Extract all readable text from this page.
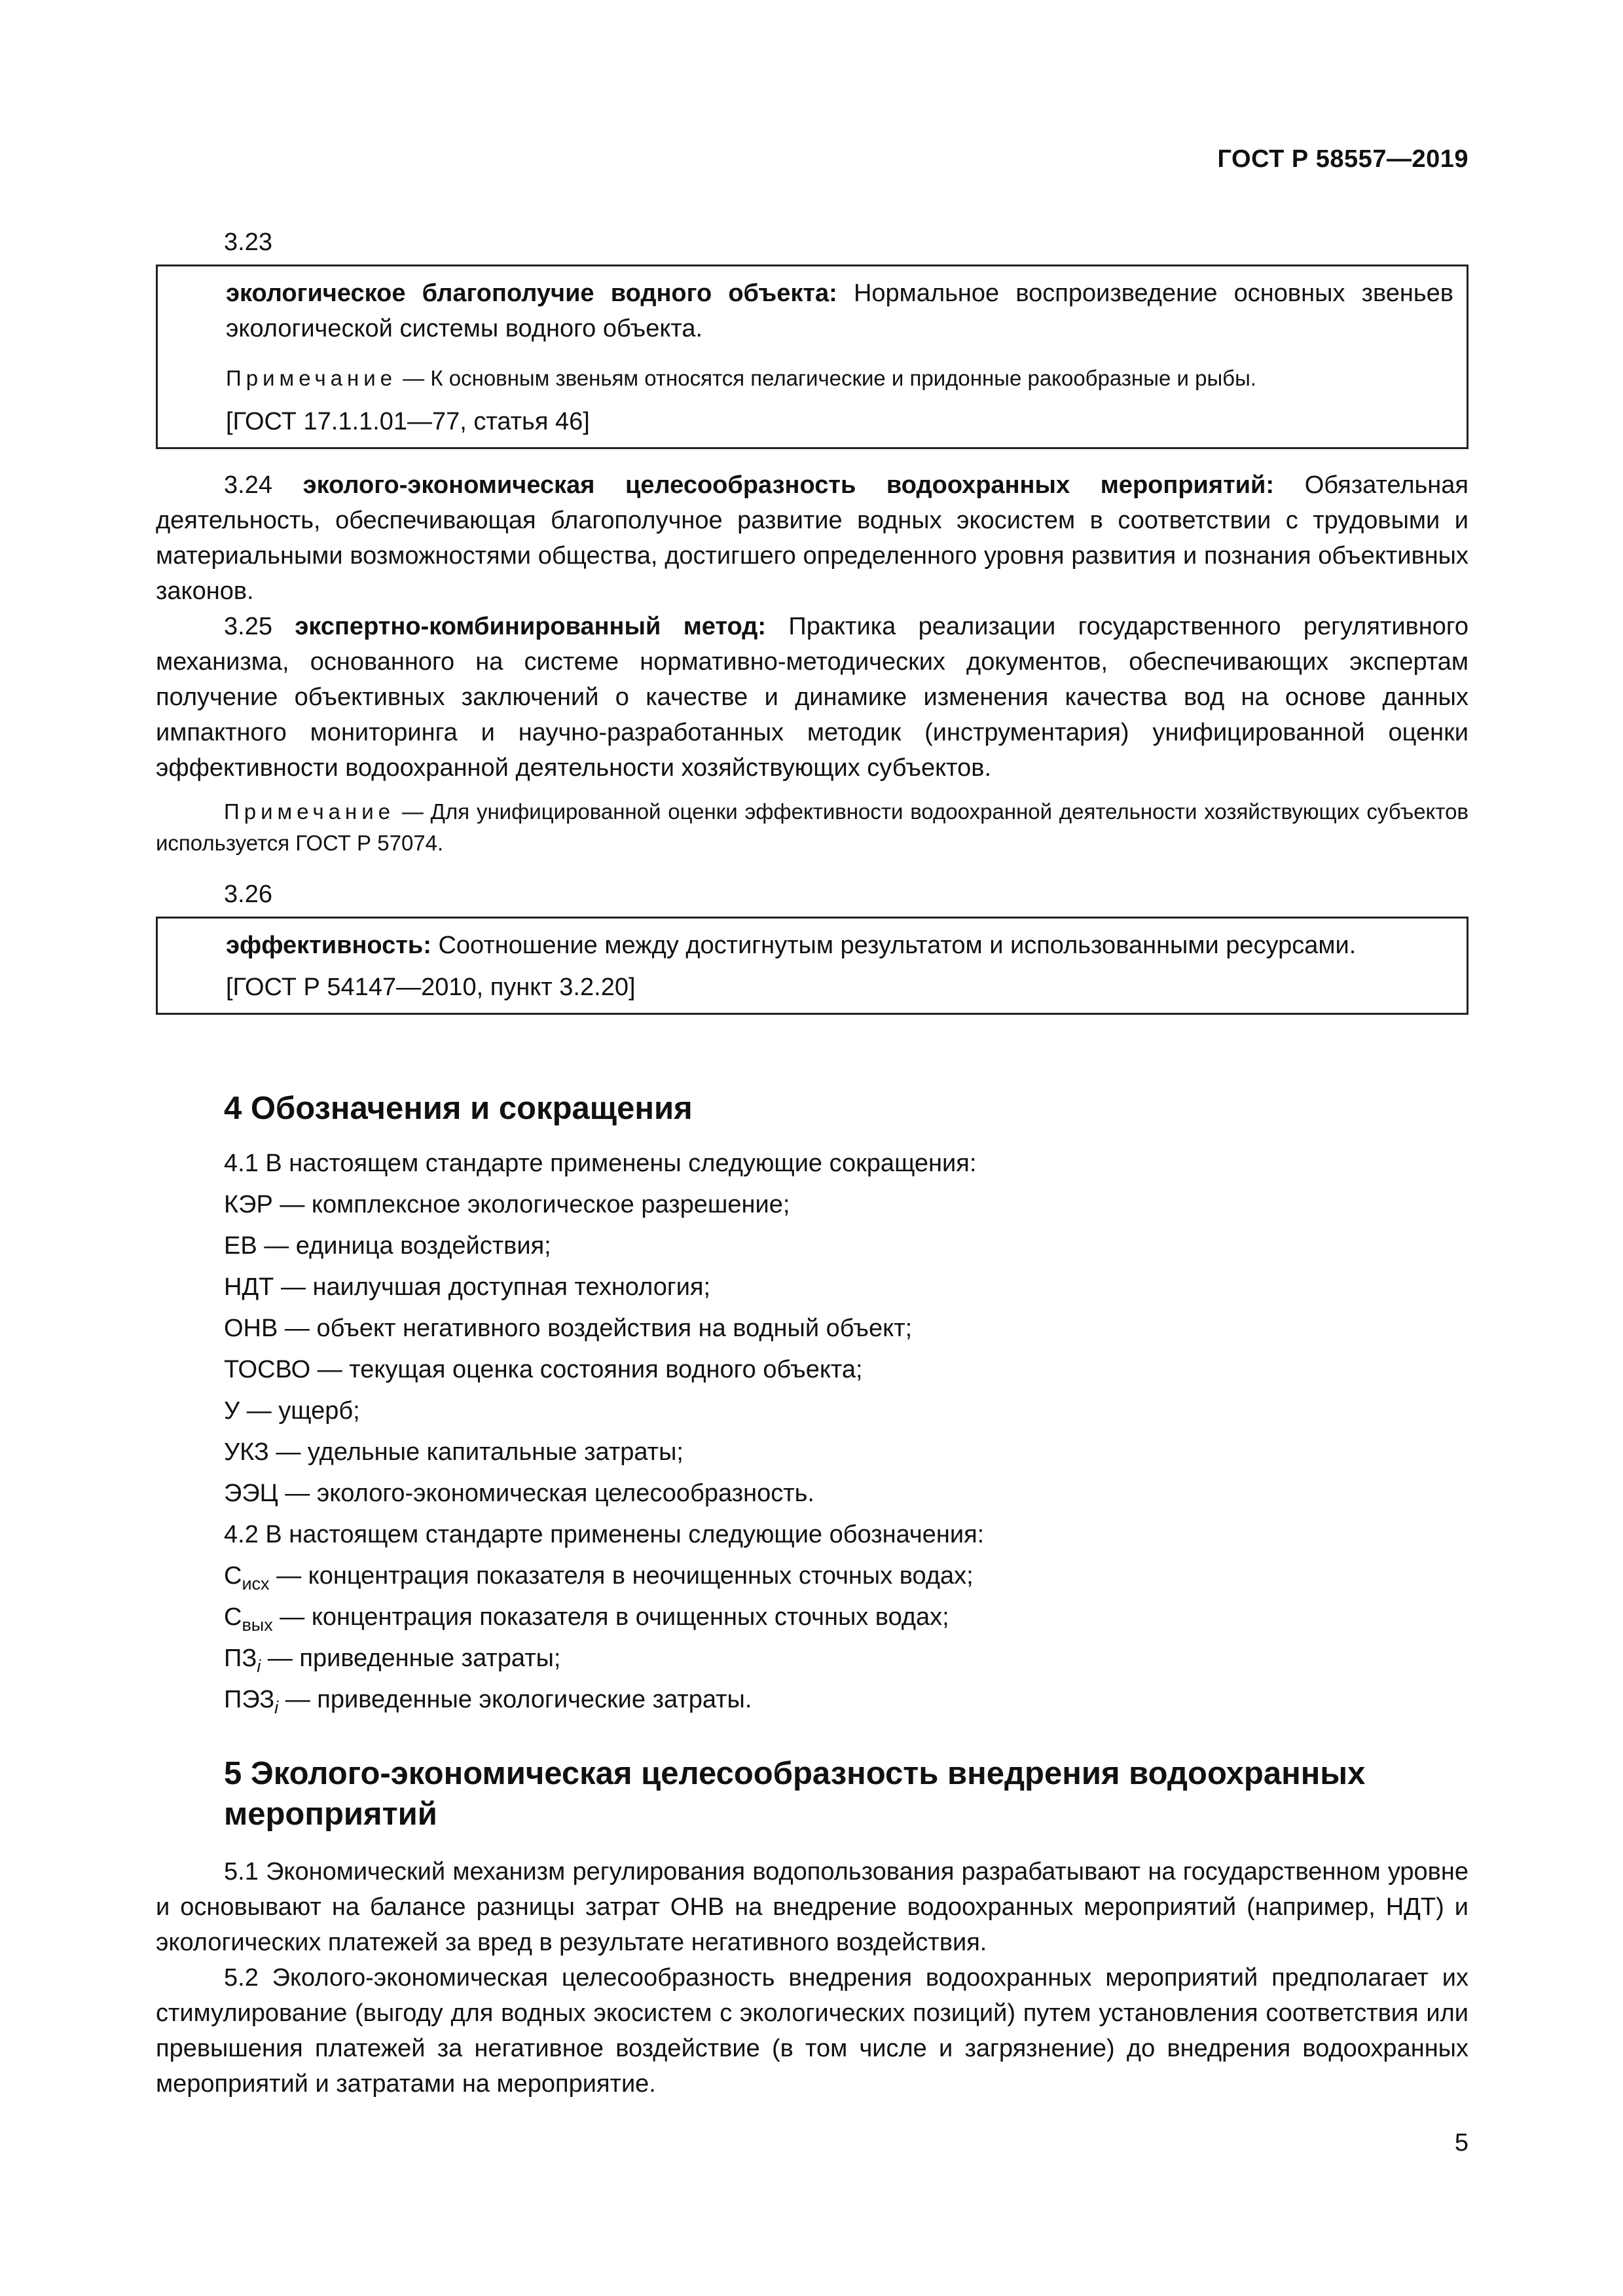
ГОСТ Р 58557—2019
3.23

экологическое благополучие водного объекта: Нормальное воспроизведение основных звеньев экологической системы водного объекта.

Примечание — К основным звеньям относятся пелагические и придонные ракообразные и рыбы.

[ГОСТ 17.1.1.01—77, статья 46]

3.24 эколого-экономическая целесообразность водоохранных мероприятий: Обязательная деятельность, обеспечивающая благополучное развитие водных экосистем в соответствии с трудовыми и материальными возможностями общества, достигшего определенного уровня развития и познания объективных законов.

3.25 экспертно-комбинированный метод: Практика реализации государственного регулятивного механизма, основанного на системе нормативно-методических документов, обеспечивающих экспертам получение объективных заключений о качестве и динамике изменения качества вод на основе данных импактного мониторинга и научно-разработанных методик (инструментария) унифицированной оценки эффективности водоохранной деятельности хозяйствующих субъектов.

Примечание — Для унифицированной оценки эффективности водоохранной деятельности хозяйствующих субъектов используется ГОСТ Р 57074.

3.26

эффективность: Соотношение между достигнутым результатом и использованными ресурсами.

[ГОСТ Р 54147—2010, пункт 3.2.20]

4 Обозначения и сокращения

4.1 В настоящем стандарте применены следующие сокращения:

КЭР — комплексное экологическое разрешение;

ЕВ — единица воздействия;

НДТ — наилучшая доступная технология;

ОНВ — объект негативного воздействия на водный объект;

ТОСВО — текущая оценка состояния водного объекта;

У — ущерб;

УКЗ — удельные капитальные затраты;

ЭЭЦ — эколого-экономическая целесообразность.

4.2 В настоящем стандарте применены следующие обозначения:

$С_{исх}$ — концентрация показателя в неочищенных сточных водах;

$С_{вых}$ — концентрация показателя в очищенных сточных водах;

$ПЗ_i$ — приведенные затраты;

$ПЭЗ_i$ — приведенные экологические затраты.

5 Эколого-экономическая целесообразность внедрения водоохранных мероприятий

5.1 Экономический механизм регулирования водопользования разрабатывают на государственном уровне и основывают на балансе разницы затрат ОНВ на внедрение водоохранных мероприятий (например, НДТ) и экологических платежей за вред в результате негативного воздействия.

5.2 Эколого-экономическая целесообразность внедрения водоохранных мероприятий предполагает их стимулирование (выгоду для водных экосистем с экологических позиций) путем установления соответствия или превышения платежей за негативное воздействие (в том числе и загрязнение) до внедрения водоохранных мероприятий и затратами на мероприятие.

5
